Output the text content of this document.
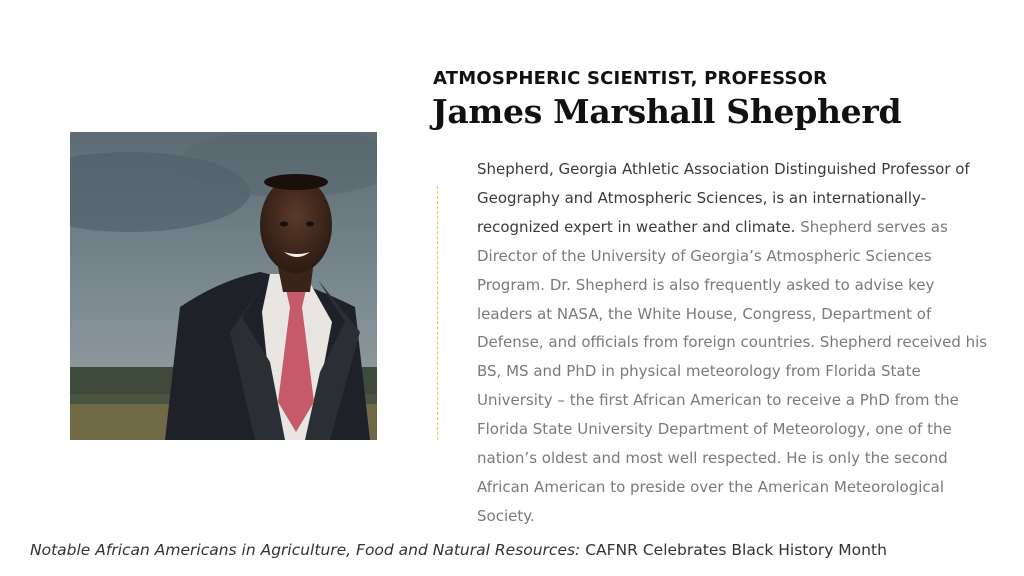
ATMOSPHERIC SCIENTIST, PROFESSOR
James Marshall Shepherd
Shepherd, Georgia Athletic Association Distinguished Professor of Geography and Atmospheric Sciences, is an internationally-recognized expert in weather and climate. Shepherd serves as Director of the University of Georgia’s Atmospheric Sciences Program. Dr. Shepherd is also frequently asked to advise key leaders at NASA, the White House, Congress, Department of Defense, and officials from foreign countries. Shepherd received his BS, MS and PhD in physical meteorology from Florida State University – the first African American to receive a PhD from the Florida State University Department of Meteorology, one of the nation’s oldest and most well respected. He is only the second African American to preside over the American Meteorological Society.
Notable African Americans in Agriculture, Food and Natural Resources: CAFNR Celebrates Black History Month
